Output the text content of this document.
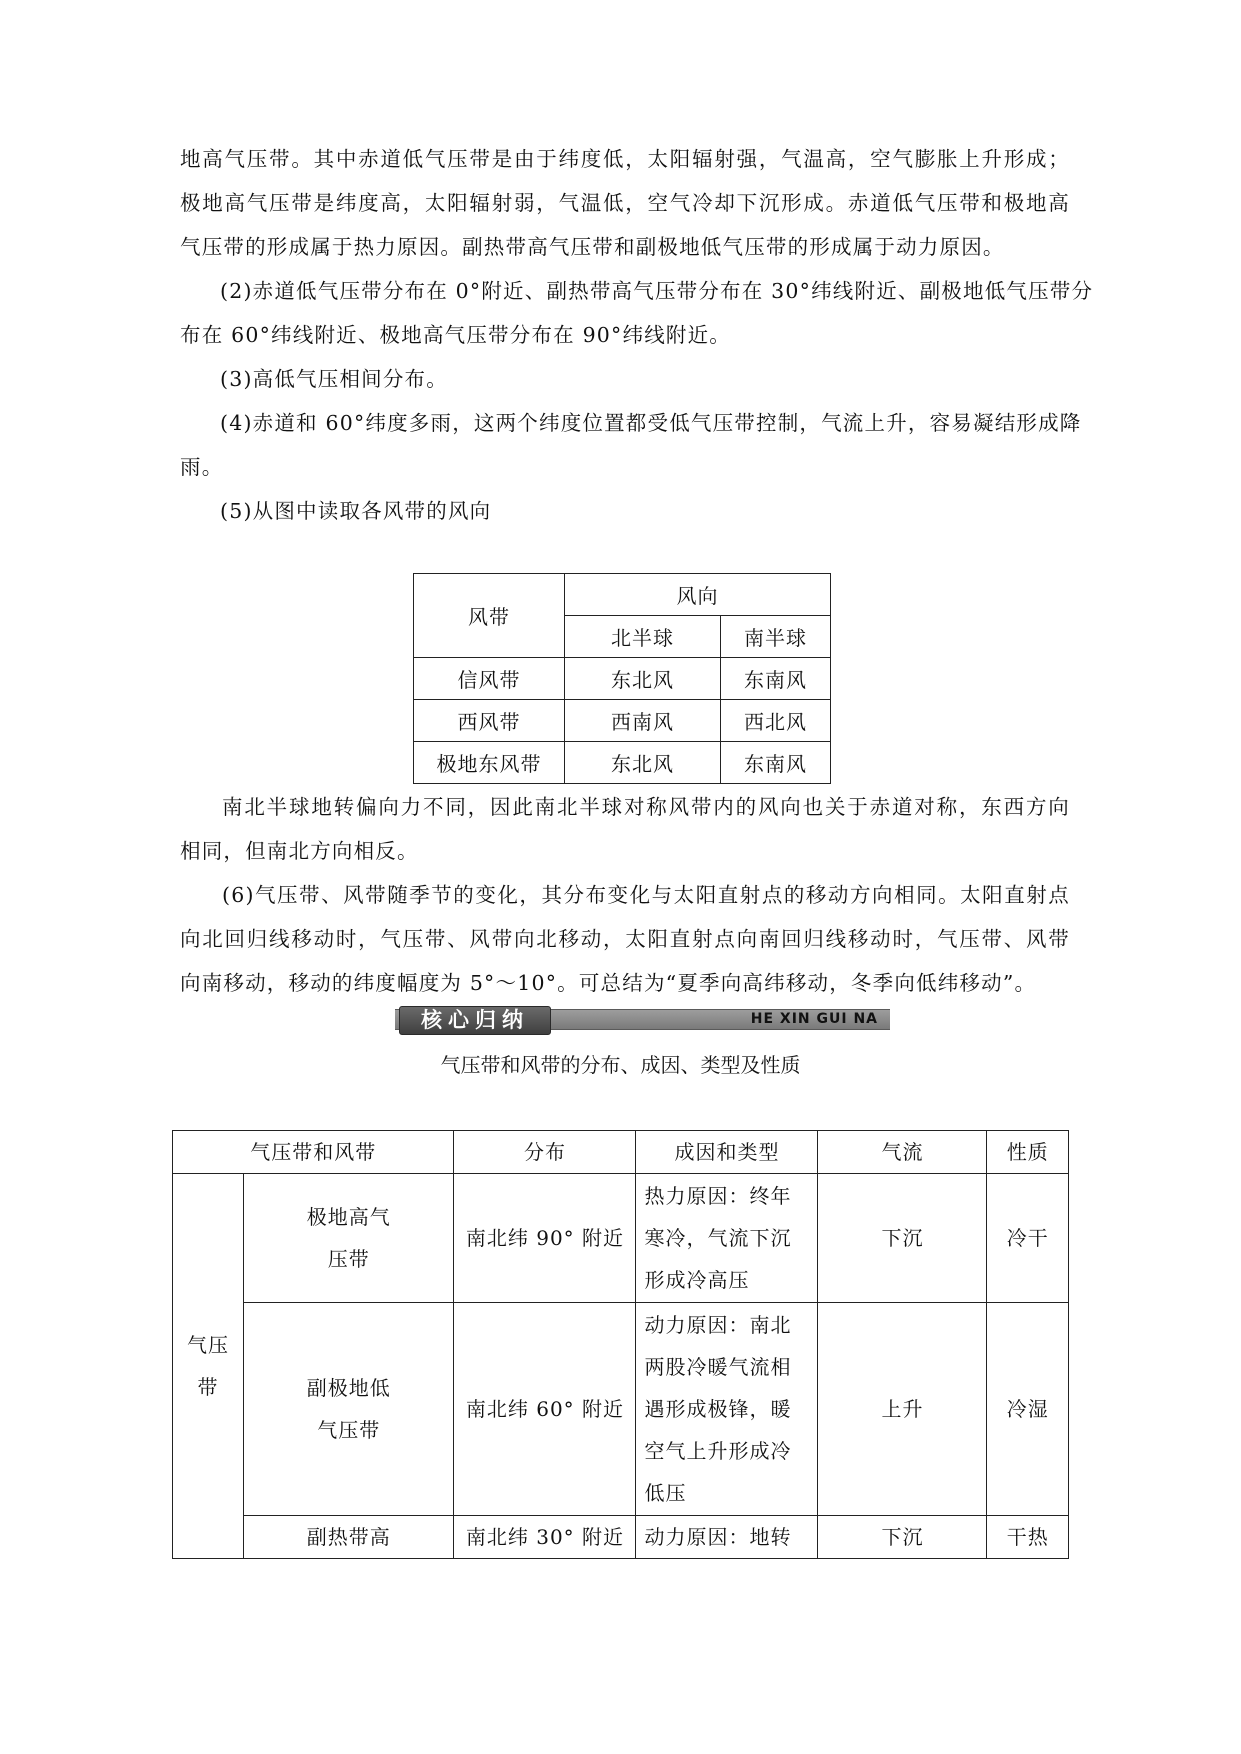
地高气压带。其中赤道低气压带是由于纬度低，太阳辐射强，气温高，空气膨胀上升形成；
极地高气压带是纬度高，太阳辐射弱，气温低，空气冷却下沉形成。赤道低气压带和极地高
气压带的形成属于热力原因。副热带高气压带和副极地低气压带的形成属于动力原因。
(2)赤道低气压带分布在 0°附近、副热带高气压带分布在 30°纬线附近、副极地低气压带分
布在 60°纬线附近、极地高气压带分布在 90°纬线附近。
(3)高低气压相间分布。
(4)赤道和 60°纬度多雨，这两个纬度位置都受低气压带控制，气流上升，容易凝结形成降
雨。
(5)从图中读取各风带的风向
风带	风向	
	北半球	南半球
信风带	东北风	东南风
西风带	西南风	西北风
极地东风带	东北风	东南风
南北半球地转偏向力不同，因此南北半球对称风带内的风向也关于赤道对称，东西方向
相同，但南北方向相反。
(6)气压带、风带随季节的变化，其分布变化与太阳直射点的移动方向相同。太阳直射点
向北回归线移动时，气压带、风带向北移动，太阳直射点向南回归线移动时，气压带、风带
向南移动，移动的纬度幅度为 5°～10°。可总结为“夏季向高纬移动，冬季向低纬移动”。
核心归纳	HE XIN GUI NA
气压带和风带的分布、成因、类型及性质
气压带和风带		分布	成因和类型	气流	性质

气压带	极地高气压带	南北纬 90° 附近	热力原因：终年寒冷，气流下沉形成冷高压	下沉	冷干

	副极地低气压带	南北纬 60° 附近	动力原因：南北两股冷暖气流相遇形成极锋，暖空气上升形成冷低压	上升	冷湿
	副热带高	南北纬 30° 附近	动力原因：地转	下沉	干热
